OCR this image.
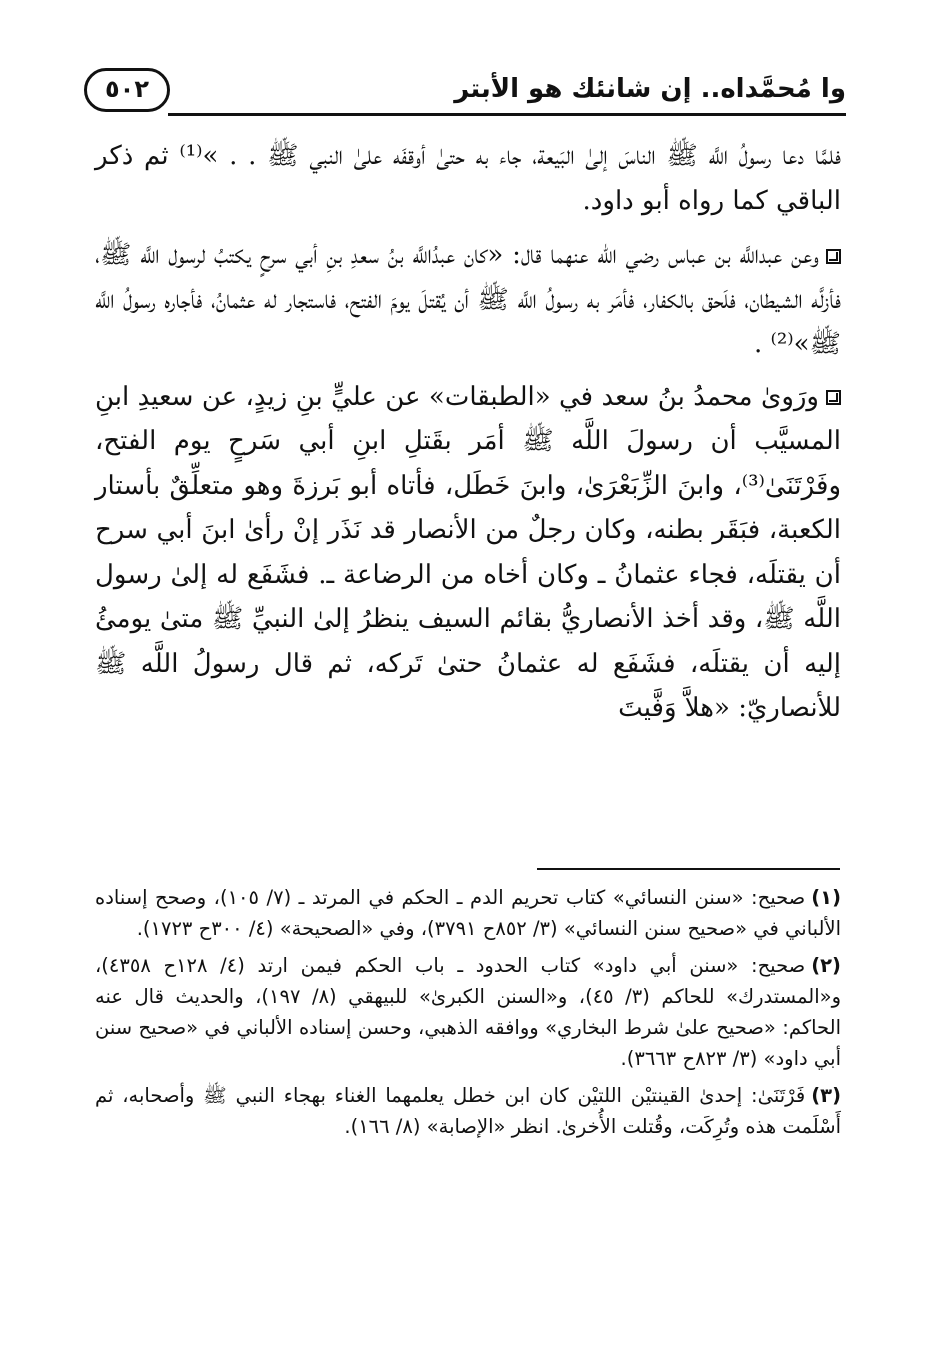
وا مُحمَّداه.. إن شانئك هو الأبتر
٥٠٢

فلمَّا دعا رسولُ اللَّه ﷺ الناسَ إلىٰ البَيعة، جاء به حتىٰ أوقفَه علىٰ النبي ﷺ . . »⁽¹⁾ ثم ذكر الباقي كما رواه أبو داود.

وعن عبداللَّه بن عباس رضي الله عنهما قال: «كان عبدُاللَّه بنُ سعدِ بنِ أبي سرحٍ يكتبُ لرسول اللَّه ﷺ، فأزلَّه الشيطان، فلَحق بالكفار، فأمَر به رسولُ اللَّه ﷺ أن يُقتلَ يومَ الفتح، فاستجار له عثمانُ، فأجاره رسولُ اللَّه ﷺ»⁽²⁾ .

ورَوىٰ محمدُ بنُ سعد في «الطبقات» عن عليٍّ بنِ زيدٍ، عن سعيدِ ابنِ المسيَّب أن رسولَ اللَّه ﷺ أمَر بقَتلِ ابنِ أبي سَرحٍ يوم الفتح، وفَرْتَنَىٰ⁽³⁾، وابنَ الزِّبَعْرَىٰ، وابنَ خَطَل، فأتاه أبو بَرزةَ وهو متعلِّقٌ بأستار الكعبة، فبَقَر بطنه، وكان رجلٌ من الأنصار قد نَذَر إنْ رأىٰ ابنَ أبي سرح أن يقتلَه، فجاء عثمانُ ـ وكان أخاه من الرضاعة ـ. فشَفَع له إلىٰ رسول اللَّه ﷺ، وقد أخذ الأنصاريُّ بقائم السيف ينظرُ إلىٰ النبيِّ ﷺ متىٰ يومئُ إليه أن يقتلَه، فشَفَع له عثمانُ حتىٰ تَركه، ثم قال رسولُ اللَّه ﷺ للأنصاريّ: «هلاَّ وَفَّيتَ

(١)صحيح: «سنن النسائي» كتاب تحريم الدم ـ الحكم في المرتد ـ (٧/ ١٠٥)، وصحح إسناده الألباني في «صحيح سنن النسائي» (٣/ ٨٥٢ح ٣٧٩١)، وفي «الصحيحة» (٤/ ٣٠٠ح ١٧٢٣).

(٢)صحيح: «سنن أبي داود» كتاب الحدود ـ باب الحكم فيمن ارتد (٤/ ١٢٨ح ٤٣٥٨)، و«المستدرك» للحاكم (٣/ ٤٥)، و«السنن الكبرىٰ» للبيهقي (٨/ ١٩٧)، والحديث قال عنه الحاكم: «صحيح علىٰ شرط البخاري» ووافقه الذهبي، وحسن إسناده الألباني في «صحيح سنن أبي داود» (٣/ ٨٢٣ح ٣٦٦٣).

(٣)فَرْتَنَىٰ: إحدىٰ القينتيْن اللتيْن كان ابن خطل يعلمهما الغناء بهجاء النبي ﷺ وأصحابه، ثم أَسْلَمت هذه وتُرِكَت، وقُتلت الأُخرىٰ. انظر «الإصابة» (٨/ ١٦٦).
